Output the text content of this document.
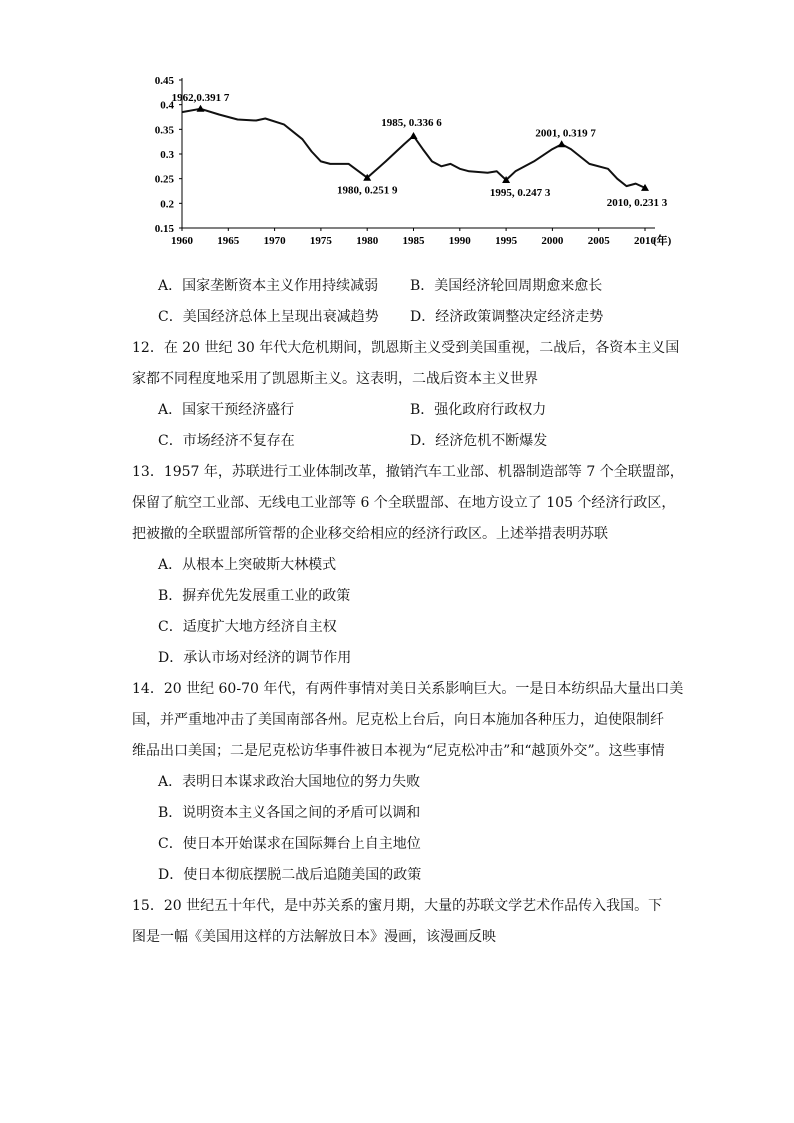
0.45
0.4
0.35
0.3
0.25
0.2
0.15
1960 1965 1970 1975 1980 1985 1990 1995 2000 2005 2010
(年)
1962,0.391 7
1980, 0.251 9
1985, 0.336 6
1995, 0.247 3
2001, 0.319 7
2010, 0.231 3
A．国家垄断资本主义作用持续减弱 B．美国经济轮回周期愈来愈长
C．美国经济总体上呈现出衰减趋势 D．经济政策调整决定经济走势
12．在 20 世纪 30 年代大危机期间，凯恩斯主义受到美国重视，二战后，各资本主义国
家都不同程度地采用了凯恩斯主义。这表明，二战后资本主义世界
A．国家干预经济盛行	B．强化政府行政权力
C．市场经济不复存在	D．经济危机不断爆发
13．1957 年，苏联进行工业体制改革，撤销汽车工业部、机器制造部等 7 个全联盟部，
保留了航空工业部、无线电工业部等 6 个全联盟部、在地方设立了 105 个经济行政区，
把被撤的全联盟部所管帮的企业移交给相应的经济行政区。上述举措表明苏联
A．从根本上突破斯大林模式
B．摒弃优先发展重工业的政策
C．适度扩大地方经济自主权
D．承认市场对经济的调节作用
14．20 世纪 60-70 年代，有两件事情对美日关系影响巨大。一是日本纺织品大量出口美
国，并严重地冲击了美国南部各州。尼克松上台后，向日本施加各种压力，迫使限制纤
维品出口美国；二是尼克松访华事件被日本视为“尼克松冲击”和“越顶外交”。这些事情
A．表明日本谋求政治大国地位的努力失败
B．说明资本主义各国之间的矛盾可以调和
C．使日本开始谋求在国际舞台上自主地位
D．使日本彻底摆脱二战后追随美国的政策
15．20 世纪五十年代，是中苏关系的蜜月期，大量的苏联文学艺术作品传入我国。下
图是一幅《美国用这样的方法解放日本》漫画，该漫画反映
